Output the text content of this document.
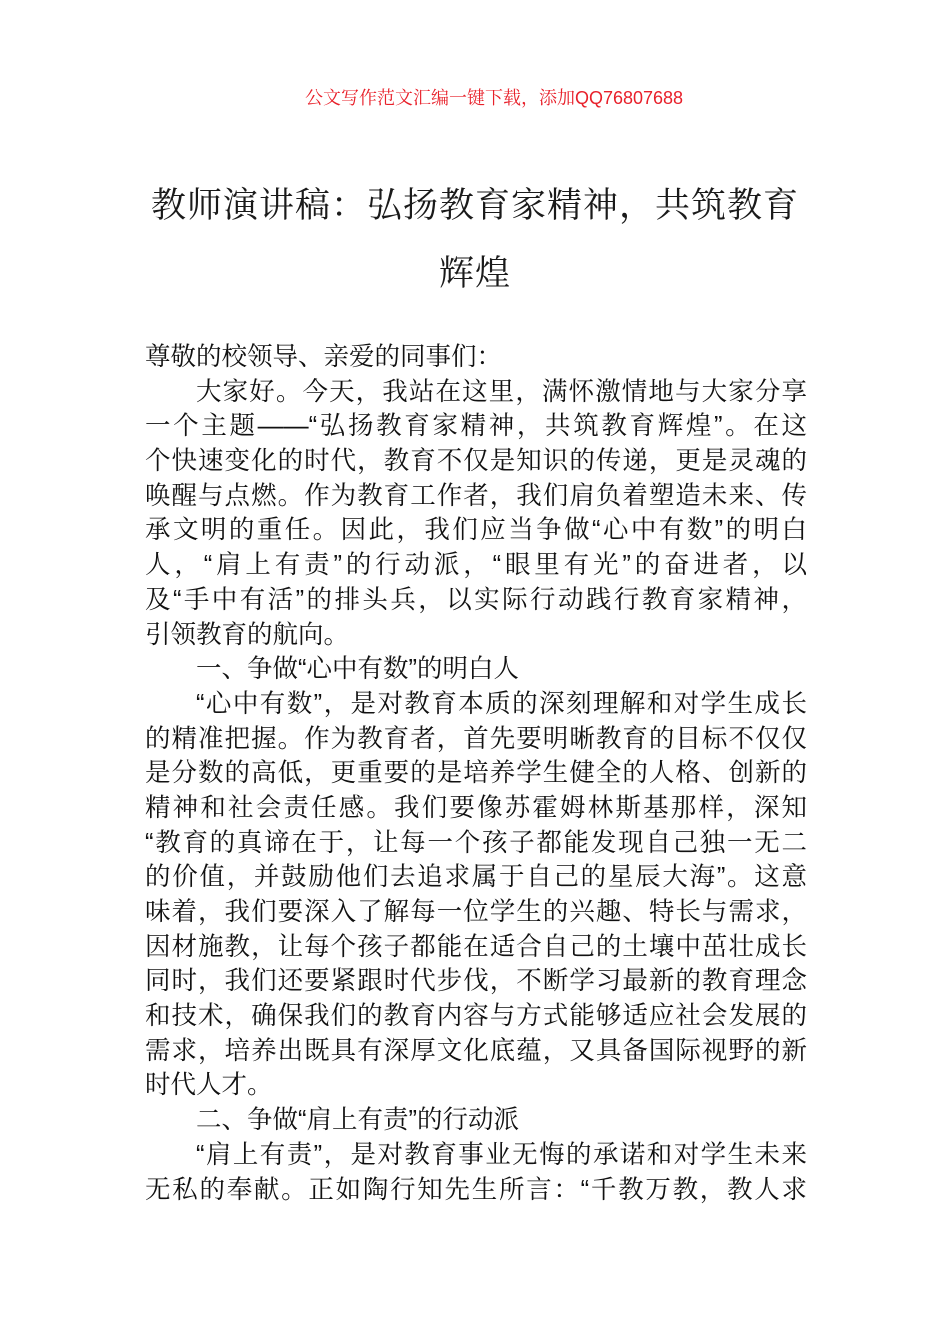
公文写作范文汇编一键下载，添加QQ76807688
教师演讲稿：弘扬教育家精神，共筑教育
辉煌
尊敬的校领导、亲爱的同事们：
大家好。今天，我站在这里，满怀激情地与大家分享
一个主题——“弘扬教育家精神，共筑教育辉煌”。在这
个快速变化的时代，教育不仅是知识的传递，更是灵魂的
唤醒与点燃。作为教育工作者，我们肩负着塑造未来、传
承文明的重任。因此，我们应当争做“心中有数”的明白
人，“肩上有责”的行动派，“眼里有光”的奋进者，以
及“手中有活”的排头兵，以实际行动践行教育家精神，
引领教育的航向。
一、争做“心中有数”的明白人
“心中有数”，是对教育本质的深刻理解和对学生成长
的精准把握。作为教育者，首先要明晰教育的目标不仅仅
是分数的高低，更重要的是培养学生健全的人格、创新的
精神和社会责任感。我们要像苏霍姆林斯基那样，深知
“教育的真谛在于，让每一个孩子都能发现自己独一无二
的价值，并鼓励他们去追求属于自己的星辰大海”。这意
味着，我们要深入了解每一位学生的兴趣、特长与需求，
因材施教，让每个孩子都能在适合自己的土壤中茁壮成长
同时，我们还要紧跟时代步伐，不断学习最新的教育理念
和技术，确保我们的教育内容与方式能够适应社会发展的
需求，培养出既具有深厚文化底蕴，又具备国际视野的新
时代人才。
二、争做“肩上有责”的行动派
“肩上有责”，是对教育事业无悔的承诺和对学生未来
无私的奉献。正如陶行知先生所言：“千教万教，教人求
